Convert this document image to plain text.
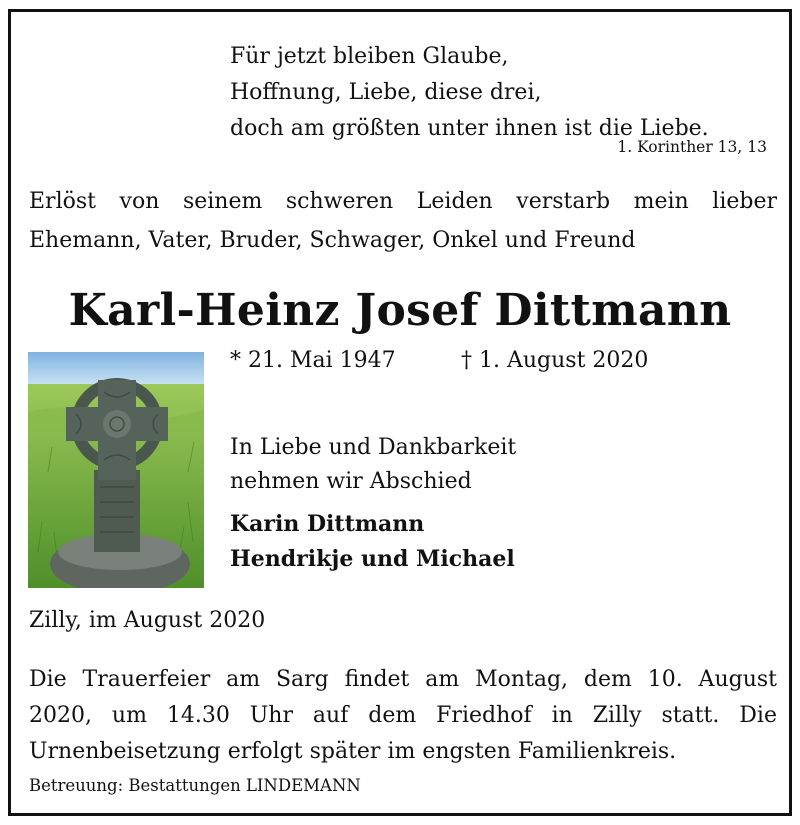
Für jetzt bleiben Glaube,
Hoffnung, Liebe, diese drei,
doch am größten unter ihnen ist die Liebe.
1. Korinther 13, 13
Erlöst von seinem schweren Leiden verstarb mein lieber
Ehemann, Vater, Bruder, Schwager, Onkel und Freund
Karl-Heinz Josef Dittmann
* 21. Mai 1947	† 1. August 2020
In Liebe und Dankbarkeit
nehmen wir Abschied
Karin Dittmann
Hendrikje und Michael
Zilly, im August 2020
Die Trauerfeier am Sarg findet am Montag, dem 10. August
2020, um 14.30 Uhr auf dem Friedhof in Zilly statt. Die
Urnenbeisetzung erfolgt später im engsten Familienkreis.
Betreuung: Bestattungen LINDEMANN
